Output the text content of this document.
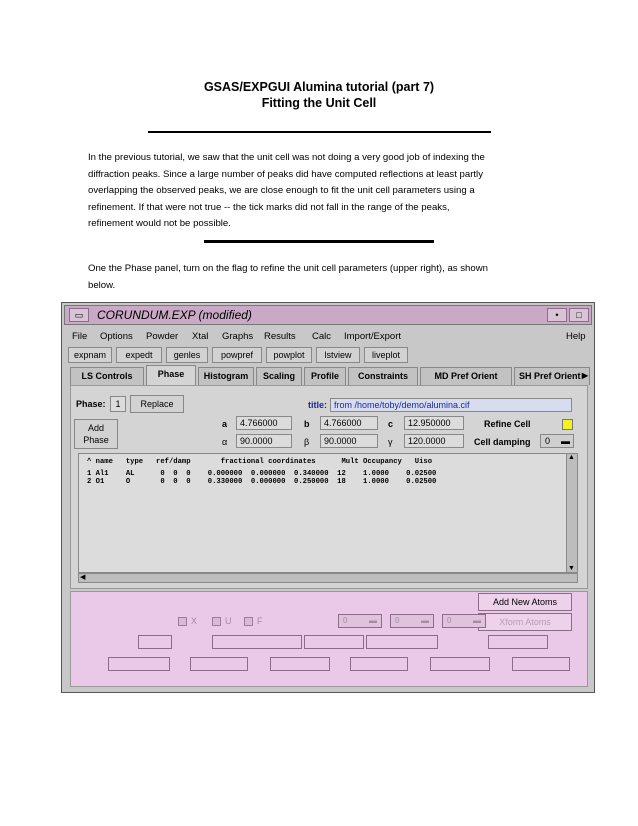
GSAS/EXPGUI Alumina tutorial (part 7)
Fitting the Unit Cell
In the previous tutorial, we saw that the unit cell was not doing a very good job of indexing the
diffraction peaks. Since a large number of peaks did have computed reflections at least partly
overlapping the observed peaks, we are close enough to fit the unit cell parameters using a
refinement. If that were not true -- the tick marks did not fall in the range of the peaks,
refinement would not be possible.
One the Phase panel, turn on the flag to refine the unit cell parameters (upper right), as shown
below.
▭	CORUNDUM.EXP (modified)	•	□
File Options Powder Xtal Graphs Results Calc Import/Export	Help
expnam	expedt	genles	powpref	powplot	lstview	liveplot
LS Controls	Phase	Histogram	Scaling	Profile	Constraints	MD Pref Orient	SH Pref Orient ▶
Phase:	1	Replace	title: from /home/toby/demo/alumina.cif
Add
Phase
a	4.766000	b	4.766000	c	12.950000
α	90.0000	β	90.0000	γ	120.0000
Refine Cell
Cell damping	0 ▬
^ name   type   ref/damp       fractional coordinates      Mult Occupancy   Uiso
1 Al1    AL      0  0  0    0.000000  0.000000  0.340000  12    1.0000    0.02500
2 O1     O       0  0  0    0.330000  0.000000  0.250000  18    1.0000    0.02500
▲
▼
◀
Add New Atoms
Xform Atoms
X	U	F	0	▬	0	▬	0	▬
